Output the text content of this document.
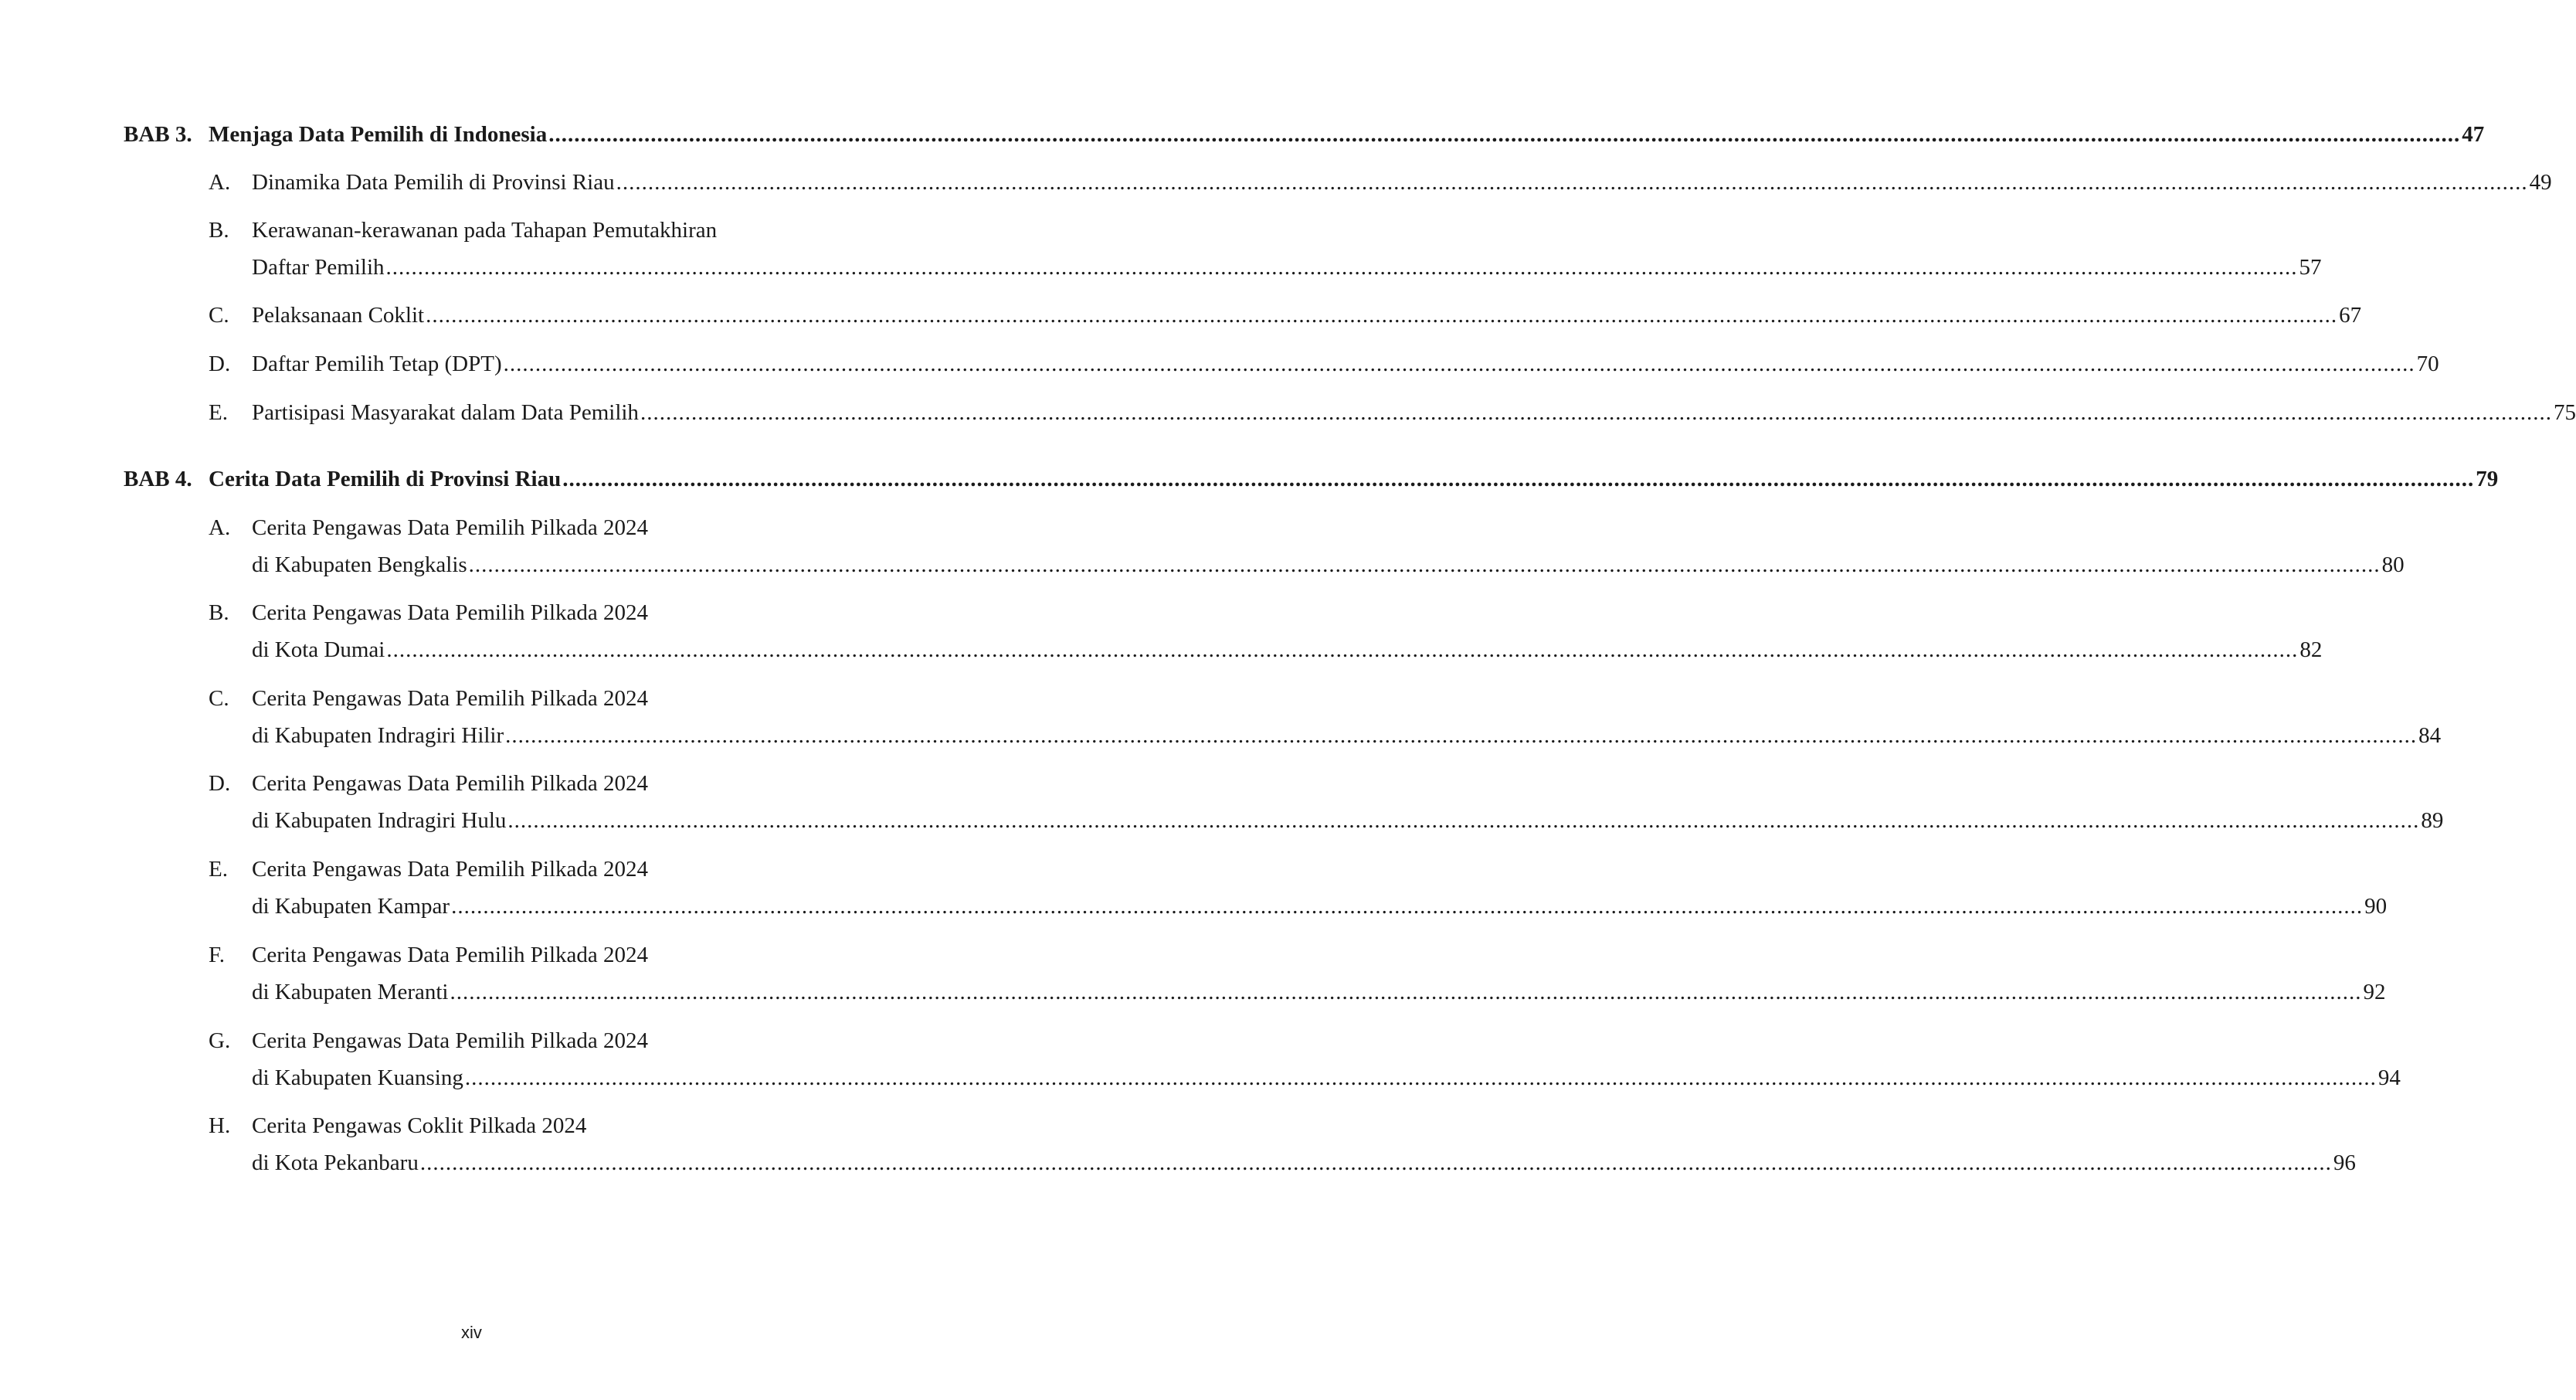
BAB 3. Menjaga Data Pemilih di Indonesia ............................................................................................................................................................................................................................................................................................................ 47
A. Dinamika Data Pemilih di Provinsi Riau ............................................................................................................................................................................................................................................................................................................ 49
B.	Kerawanan-kerawanan pada Tahapan Pemutakhiran
Daftar Pemilih ............................................................................................................................................................................................................................................................................................................ 57
C.	Pelaksanaan Coklit ............................................................................................................................................................................................................................................................................................................ 67
D. Daftar Pemilih Tetap (DPT) ............................................................................................................................................................................................................................................................................................................ 70
E.	Partisipasi Masyarakat dalam Data Pemilih ............................................................................................................................................................................................................................................................................................................ 75
BAB 4. Cerita Data Pemilih di Provinsi Riau ............................................................................................................................................................................................................................................................................................................ 79
A. Cerita Pengawas Data Pemilih Pilkada 2024
di Kabupaten Bengkalis ............................................................................................................................................................................................................................................................................................................ 80
B.	Cerita Pengawas Data Pemilih Pilkada 2024
di Kota Dumai ............................................................................................................................................................................................................................................................................................................ 82
C.	Cerita Pengawas Data Pemilih Pilkada 2024
di Kabupaten Indragiri Hilir ............................................................................................................................................................................................................................................................................................................ 84
D. Cerita Pengawas Data Pemilih Pilkada 2024
di Kabupaten Indragiri Hulu ............................................................................................................................................................................................................................................................................................................ 89
E.	Cerita Pengawas Data Pemilih Pilkada 2024
di Kabupaten Kampar ............................................................................................................................................................................................................................................................................................................ 90
F.	Cerita Pengawas Data Pemilih Pilkada 2024
di Kabupaten Meranti ............................................................................................................................................................................................................................................................................................................ 92
G. Cerita Pengawas Data Pemilih Pilkada 2024
di Kabupaten Kuansing ............................................................................................................................................................................................................................................................................................................ 94
H. Cerita Pengawas Coklit Pilkada 2024
di Kota Pekanbaru ............................................................................................................................................................................................................................................................................................................ 96
xiv
